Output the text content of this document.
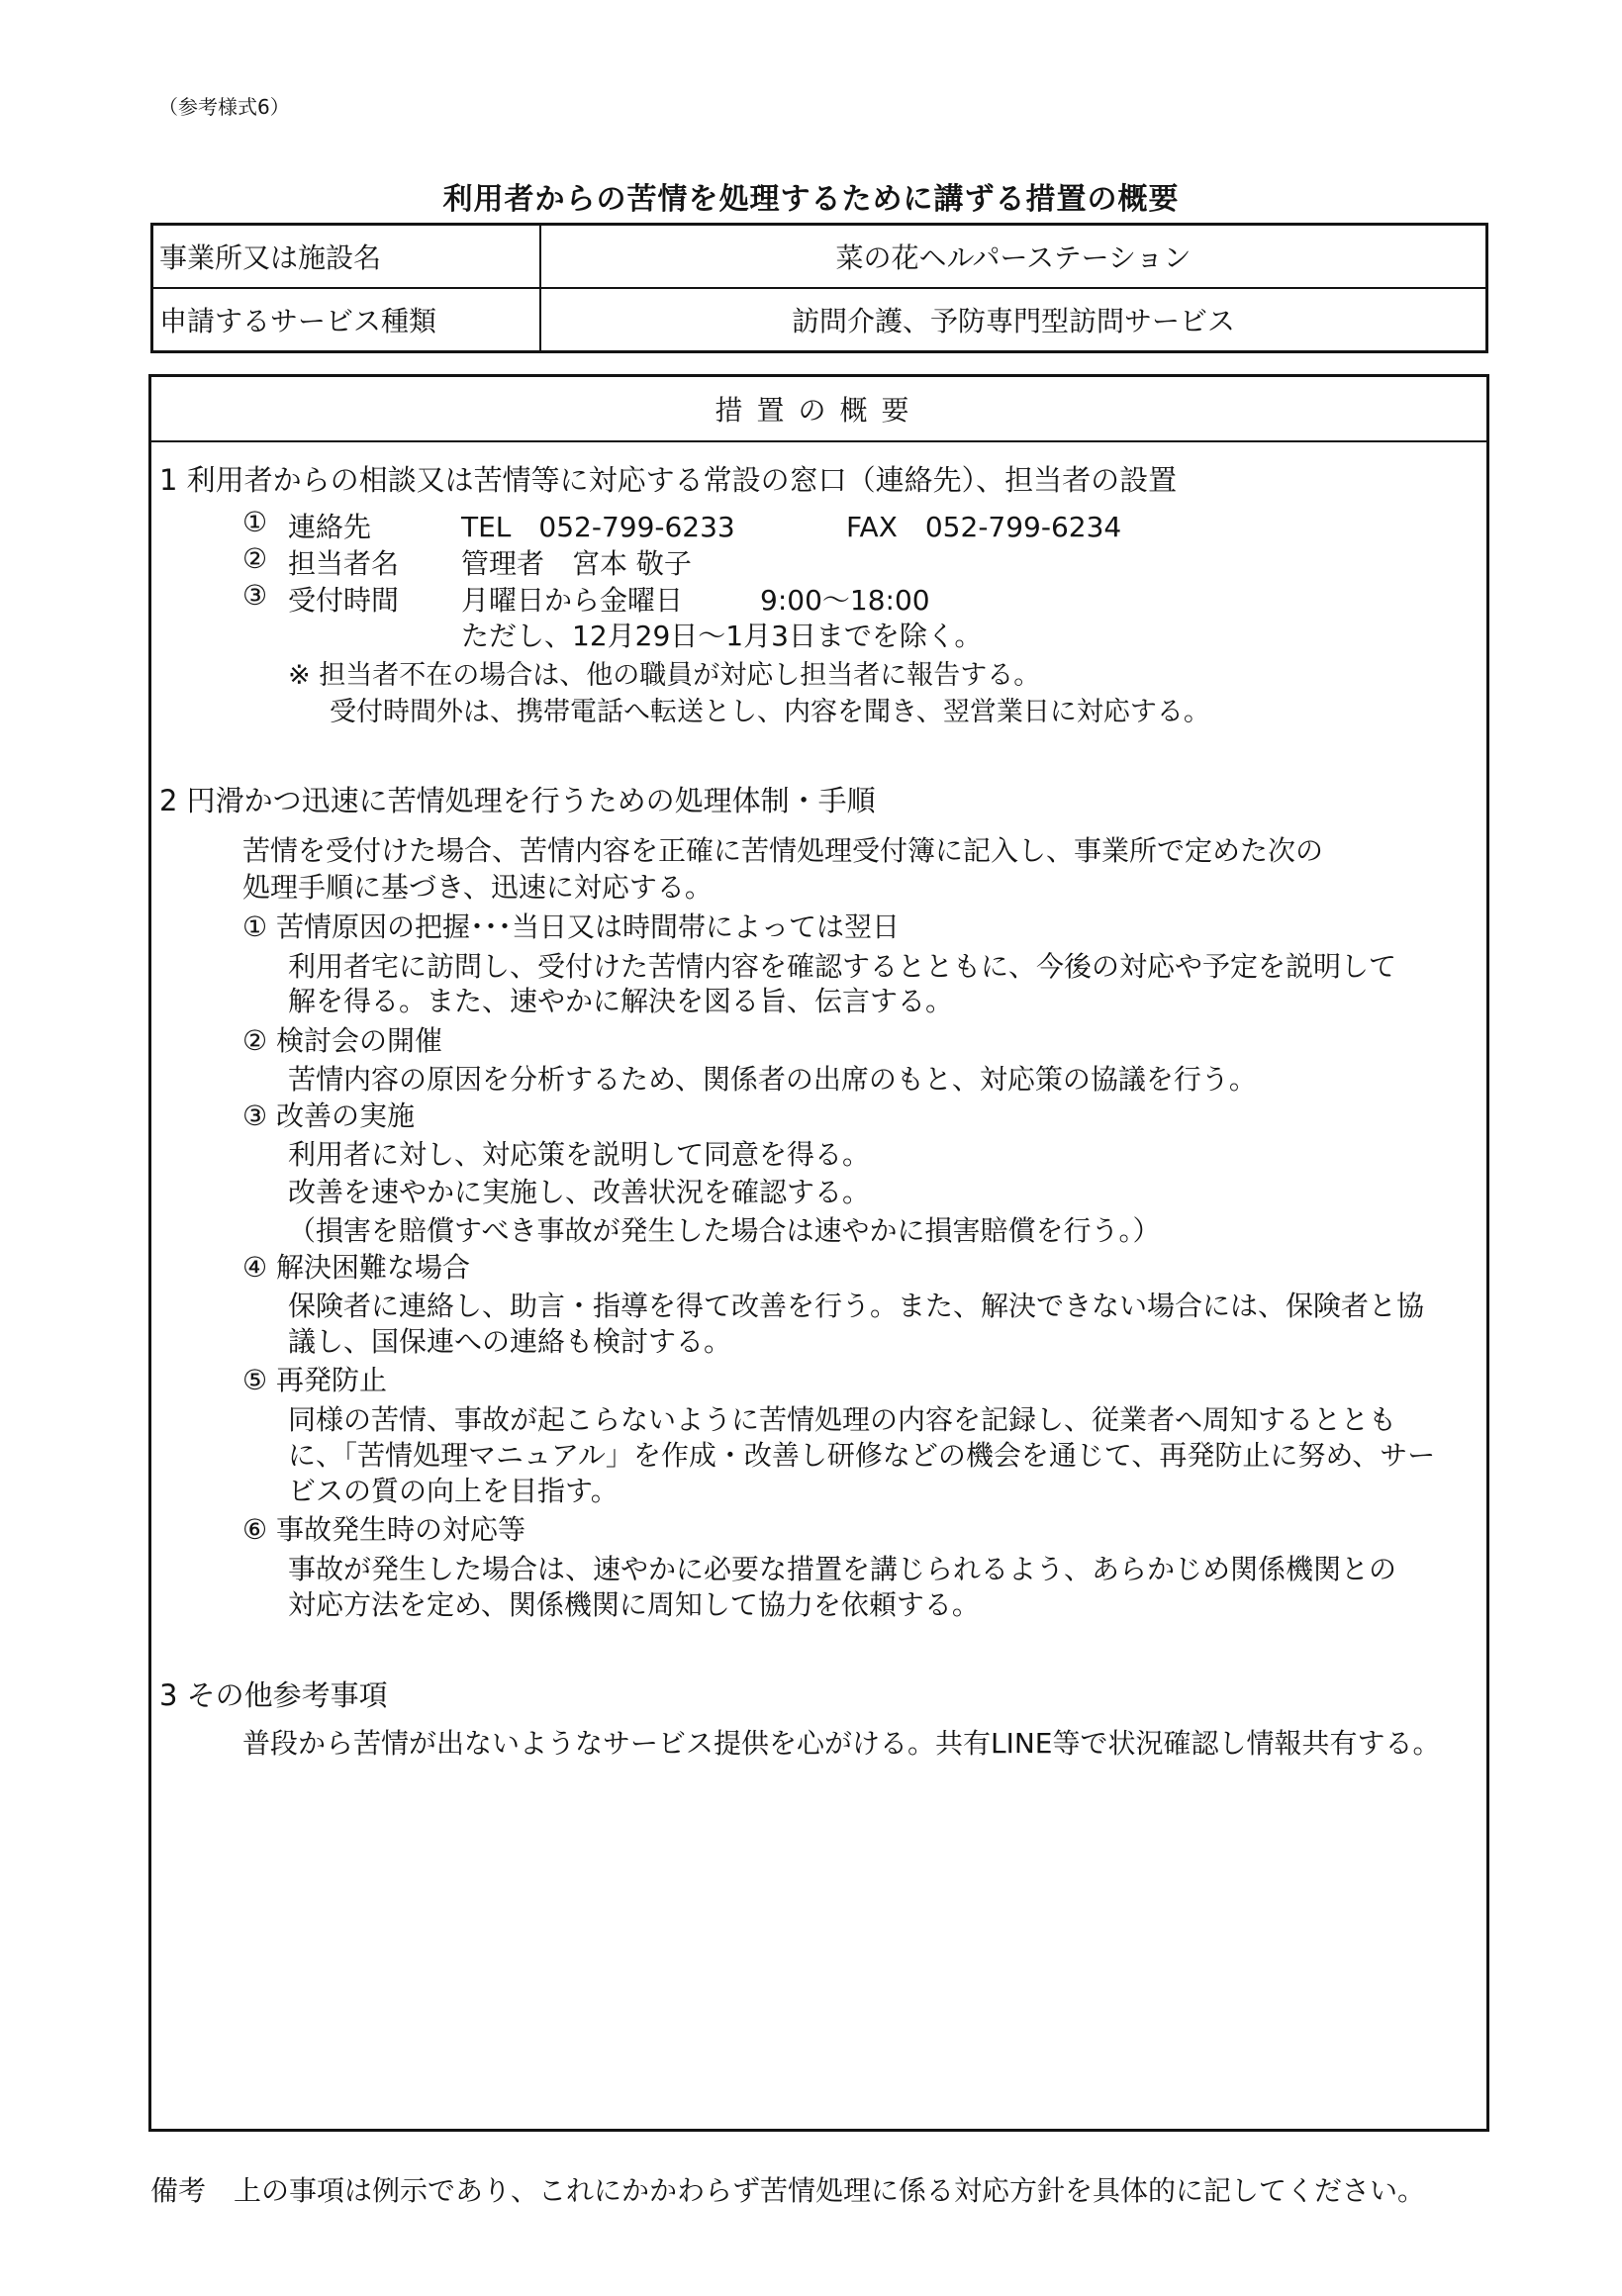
（参考様式6）
利用者からの苦情を処理するために講ずる措置の概要
事業所又は施設名	菜の花ヘルパーステーション
申請するサービス種類	訪問介護、予防専門型訪問サービス
措置の概要
1 利用者からの相談又は苦情等に対応する常設の窓口（連絡先）、担当者の設置
① 連絡先	TEL　052-799-6233	FAX　052-799-6234
② 担当者名 管理者　宮本 敬子
③ 受付時間 月曜日から金曜日	9:00～18:00
ただし、12月29日～1月3日までを除く。
※ 担当者不在の場合は、他の職員が対応し担当者に報告する。
受付時間外は、携帯電話へ転送とし、内容を聞き、翌営業日に対応する。
2 円滑かつ迅速に苦情処理を行うための処理体制・手順
苦情を受付けた場合、苦情内容を正確に苦情処理受付簿に記入し、事業所で定めた次の
処理手順に基づき、迅速に対応する。
① 苦情原因の把握･･･当日又は時間帯によっては翌日
利用者宅に訪問し、受付けた苦情内容を確認するとともに、今後の対応や予定を説明して
解を得る。また、速やかに解決を図る旨、伝言する。
② 検討会の開催
苦情内容の原因を分析するため、関係者の出席のもと、対応策の協議を行う。
③ 改善の実施
利用者に対し、対応策を説明して同意を得る。
改善を速やかに実施し、改善状況を確認する。
（損害を賠償すべき事故が発生した場合は速やかに損害賠償を行う。）
④ 解決困難な場合
保険者に連絡し、助言・指導を得て改善を行う。また、解決できない場合には、保険者と協
議し、国保連への連絡も検討する。
⑤ 再発防止
同様の苦情、事故が起こらないように苦情処理の内容を記録し、従業者へ周知するととも
に、「苦情処理マニュアル」を作成・改善し研修などの機会を通じて、再発防止に努め、サー
ビスの質の向上を目指す。
⑥ 事故発生時の対応等
事故が発生した場合は、速やかに必要な措置を講じられるよう、あらかじめ関係機関との
対応方法を定め、関係機関に周知して協力を依頼する。
3 その他参考事項
普段から苦情が出ないようなサービス提供を心がける。共有LINE等で状況確認し情報共有する。
備考　上の事項は例示であり、これにかかわらず苦情処理に係る対応方針を具体的に記してください。
